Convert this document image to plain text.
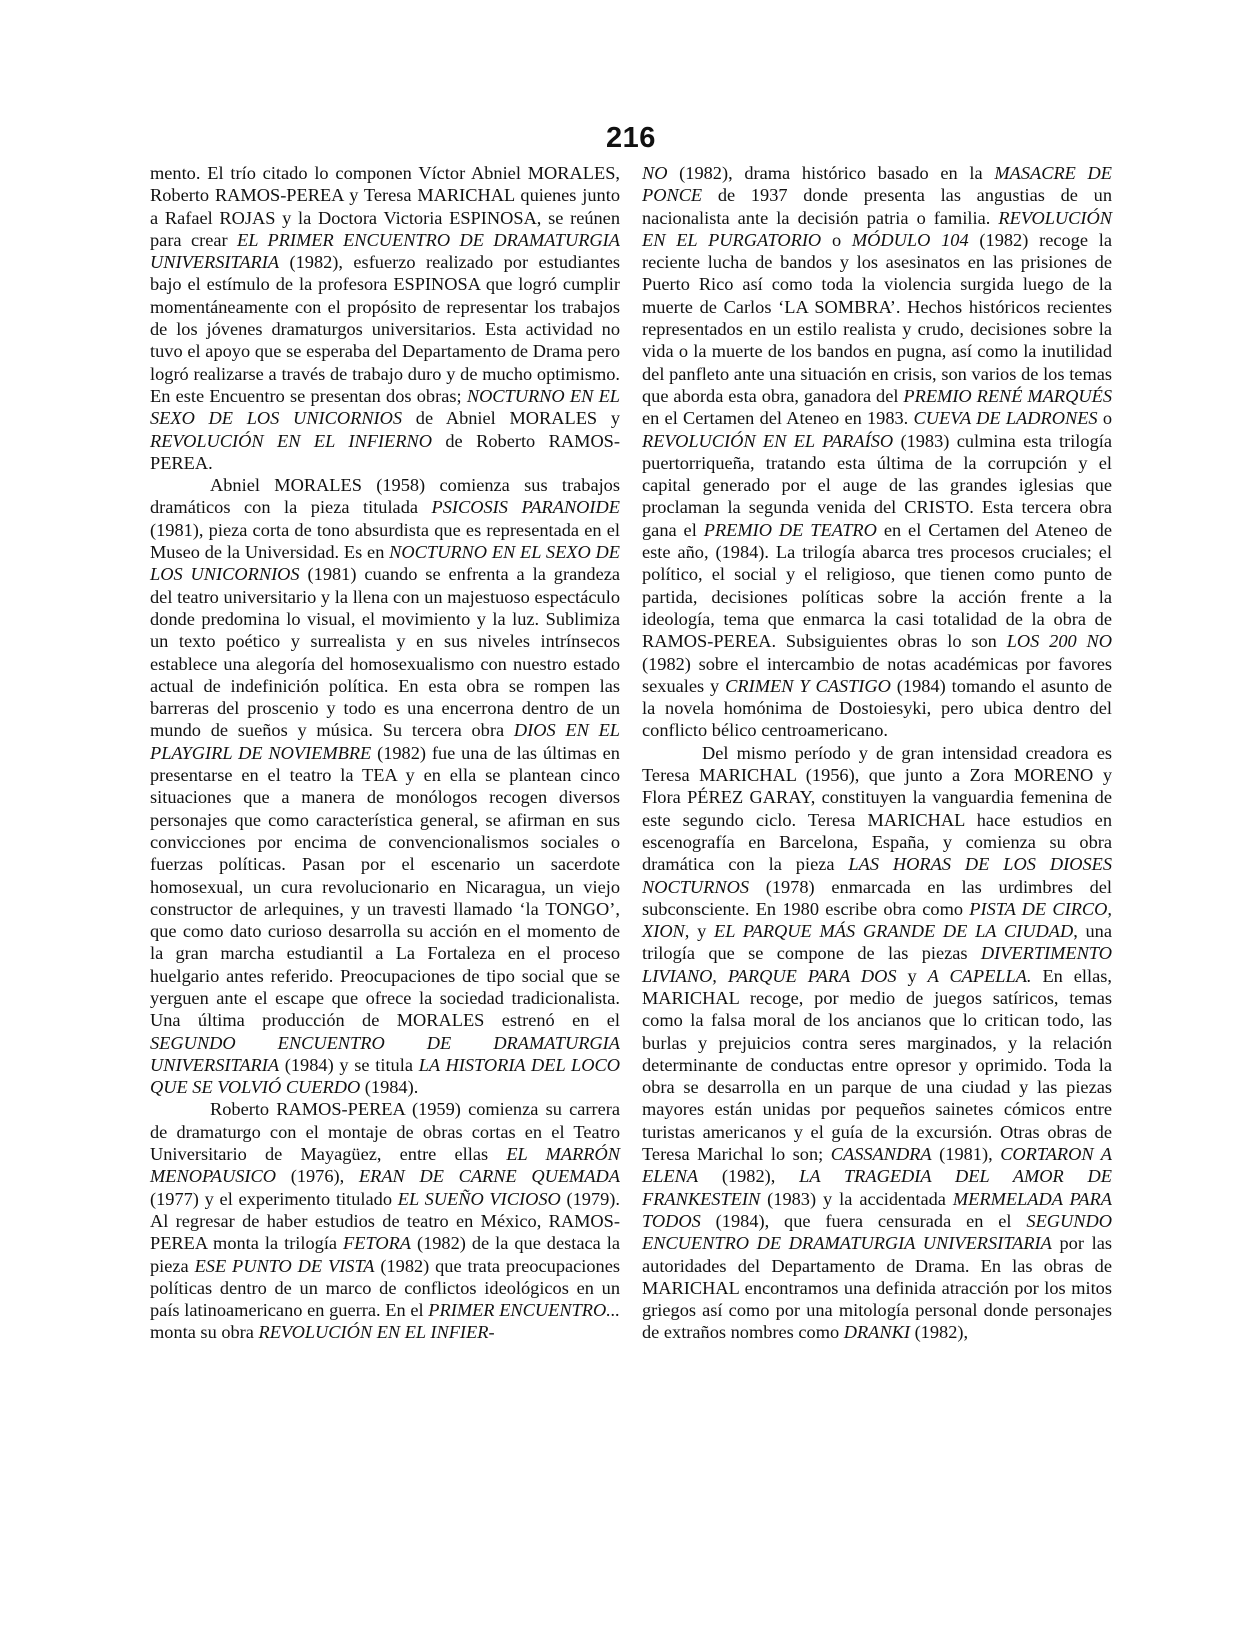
216

mento. El trío citado lo componen Víctor Abniel MORALES, Roberto RAMOS-PEREA y Teresa MARICHAL quienes junto a Rafael ROJAS y la Doctora Victoria ESPINOSA, se reúnen para crear EL PRIMER ENCUENTRO DE DRAMATURGIA UNIVERSITARIA (1982), esfuerzo realizado por estudiantes bajo el estímulo de la profesora ESPINOSA que logró cumplir momentáneamente con el propósito de representar los trabajos de los jóvenes dramaturgos universitarios. Esta actividad no tuvo el apoyo que se esperaba del Departamento de Drama pero logró realizarse a través de trabajo duro y de mucho optimismo. En este Encuentro se presentan dos obras; NOCTURNO EN EL SEXO DE LOS UNICORNIOS de Abniel MORALES y REVOLUCIÓN EN EL INFIERNO de Roberto RAMOS-PEREA.

Abniel MORALES (1958) comienza sus trabajos dramáticos con la pieza titulada PSICOSIS PARANOIDE (1981), pieza corta de tono absurdista que es representada en el Museo de la Universidad. Es en NOCTURNO EN EL SEXO DE LOS UNICORNIOS (1981) cuando se enfrenta a la grandeza del teatro universitario y la llena con un majestuoso espectáculo donde predomina lo visual, el movimiento y la luz. Sublimiza un texto poético y surrealista y en sus niveles intrínsecos establece una alegoría del homosexualismo con nuestro estado actual de indefinición política. En esta obra se rompen las barreras del proscenio y todo es una encerrona dentro de un mundo de sueños y música. Su tercera obra DIOS EN EL PLAYGIRL DE NOVIEMBRE (1982) fue una de las últimas en presentarse en el teatro la TEA y en ella se plantean cinco situaciones que a manera de monólogos recogen diversos personajes que como característica general, se afirman en sus convicciones por encima de convencionalismos sociales o fuerzas políticas. Pasan por el escenario un sacerdote homosexual, un cura revolucionario en Nicaragua, un viejo constructor de arlequines, y un travesti llamado ‘la TONGO’, que como dato curioso desarrolla su acción en el momento de la gran marcha estudiantil a La Fortaleza en el proceso huelgario antes referido. Preocupaciones de tipo social que se yerguen ante el escape que ofrece la sociedad tradicionalista. Una última producción de MORALES estrenó en el SEGUNDO ENCUENTRO DE DRAMATURGIA UNIVERSITARIA (1984) y se titula LA HISTORIA DEL LOCO QUE SE VOLVIÓ CUERDO (1984).

Roberto RAMOS-PEREA (1959) comienza su carrera de dramaturgo con el montaje de obras cortas en el Teatro Universitario de Mayagüez, entre ellas EL MARRÓN MENOPAUSICO (1976), ERAN DE CARNE QUEMADA (1977) y el experimento titulado EL SUEÑO VICIOSO (1979). Al regresar de haber estudios de teatro en México, RAMOS-PEREA monta la trilogía FETORA (1982) de la que destaca la pieza ESE PUNTO DE VISTA (1982) que trata preocupaciones políticas dentro de un marco de conflictos ideológicos en un país latinoamericano en guerra. En el PRIMER ENCUENTRO... monta su obra REVOLUCIÓN EN EL INFIER-

NO (1982), drama histórico basado en la MASACRE DE PONCE de 1937 donde presenta las angustias de un nacionalista ante la decisión patria o familia. REVOLUCIÓN EN EL PURGATORIO o MÓDULO 104 (1982) recoge la reciente lucha de bandos y los asesinatos en las prisiones de Puerto Rico así como toda la violencia surgida luego de la muerte de Carlos ‘LA SOMBRA’. Hechos históricos recientes representados en un estilo realista y crudo, decisiones sobre la vida o la muerte de los bandos en pugna, así como la inutilidad del panfleto ante una situación en crisis, son varios de los temas que aborda esta obra, ganadora del PREMIO RENÉ MARQUÉS en el Certamen del Ateneo en 1983. CUEVA DE LADRONES o REVOLUCIÓN EN EL PARAÍSO (1983) culmina esta trilogía puertorriqueña, tratando esta última de la corrupción y el capital generado por el auge de las grandes iglesias que proclaman la segunda venida del CRISTO. Esta tercera obra gana el PREMIO DE TEATRO en el Certamen del Ateneo de este año, (1984). La trilogía abarca tres procesos cruciales; el político, el social y el religioso, que tienen como punto de partida, decisiones políticas sobre la acción frente a la ideología, tema que enmarca la casi totalidad de la obra de RAMOS-PEREA. Subsiguientes obras lo son LOS 200 NO (1982) sobre el intercambio de notas académicas por favores sexuales y CRIMEN Y CASTIGO (1984) tomando el asunto de la novela homónima de Dostoiesyki, pero ubica dentro del conflicto bélico centroamericano.

Del mismo período y de gran intensidad creadora es Teresa MARICHAL (1956), que junto a Zora MORENO y Flora PÉREZ GARAY, constituyen la vanguardia femenina de este segundo ciclo. Teresa MARICHAL hace estudios en escenografía en Barcelona, España, y comienza su obra dramática con la pieza LAS HORAS DE LOS DIOSES NOCTURNOS (1978) enmarcada en las urdimbres del subconsciente. En 1980 escribe obra como PISTA DE CIRCO, XION, y EL PARQUE MÁS GRANDE DE LA CIUDAD, una trilogía que se compone de las piezas DIVERTIMENTO LIVIANO, PARQUE PARA DOS y A CAPELLA. En ellas, MARICHAL recoge, por medio de juegos satíricos, temas como la falsa moral de los ancianos que lo critican todo, las burlas y prejuicios contra seres marginados, y la relación determinante de conductas entre opresor y oprimido. Toda la obra se desarrolla en un parque de una ciudad y las piezas mayores están unidas por pequeños sainetes cómicos entre turistas americanos y el guía de la excursión. Otras obras de Teresa Marichal lo son; CASSANDRA (1981), CORTARON A ELENA (1982), LA TRAGEDIA DEL AMOR DE FRANKESTEIN (1983) y la accidentada MERMELADA PARA TODOS (1984), que fuera censurada en el SEGUNDO ENCUENTRO DE DRAMATURGIA UNIVERSITARIA por las autoridades del Departamento de Drama. En las obras de MARICHAL encontramos una definida atracción por los mitos griegos así como por una mitología personal donde personajes de extraños nombres como DRANKI (1982),
